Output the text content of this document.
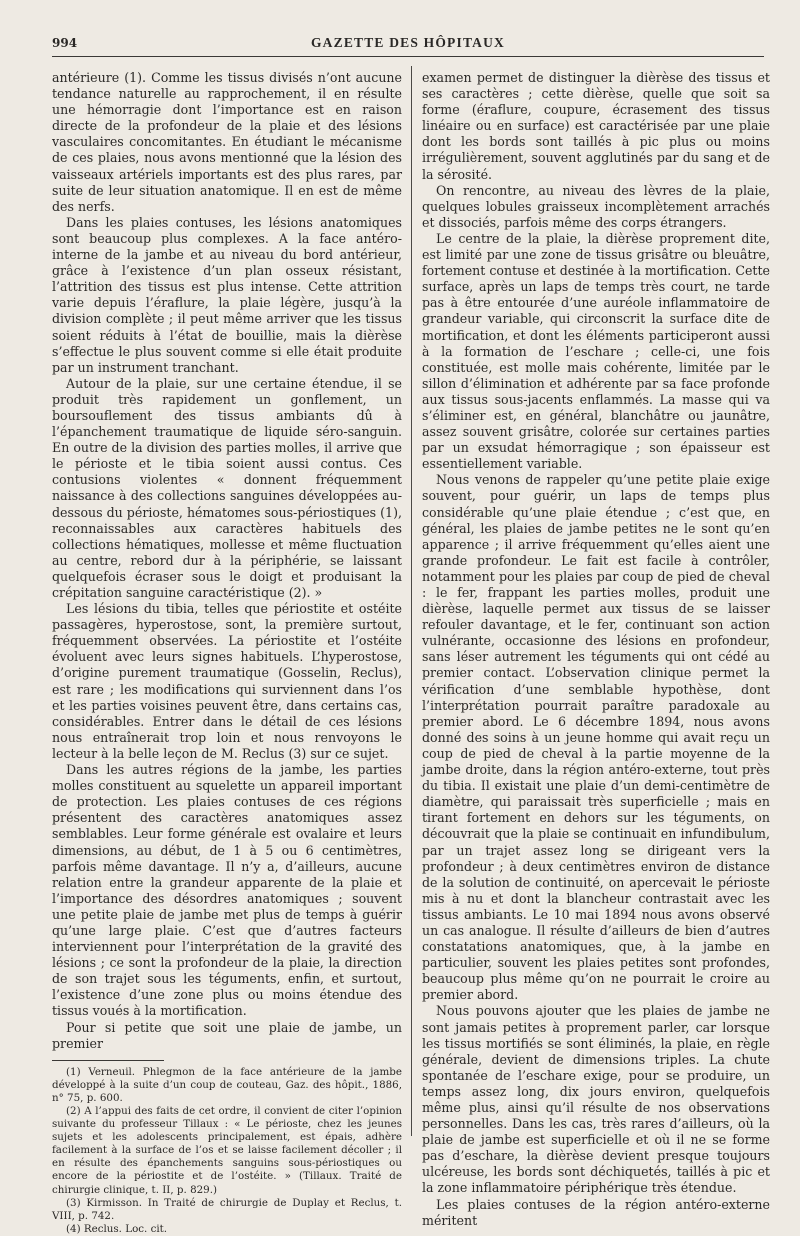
994	GAZETTE DES HÔPITAUX

antérieure (1). Comme les tissus divisés n’ont aucune tendance naturelle au rapprochement, il en résulte une hémorragie dont l’importance est en raison directe de la profondeur de la plaie et des lésions vasculaires concomitantes. En étudiant le mécanisme de ces plaies, nous avons mentionné que la lésion des vaisseaux artériels importants est des plus rares, par suite de leur situation anatomique. Il en est de même des nerfs.

Dans les plaies contuses, les lésions anatomiques sont beaucoup plus complexes. A la face antéro-interne de la jambe et au niveau du bord antérieur, grâce à l’existence d’un plan osseux résistant, l’attrition des tissus est plus intense. Cette attrition varie depuis l’éraflure, la plaie légère, jusqu’à la division complète ; il peut même arriver que les tissus soient réduits à l’état de bouillie, mais la dièrèse s’effectue le plus souvent comme si elle était produite par un instrument tranchant.

Autour de la plaie, sur une certaine étendue, il se produit très rapidement un gonflement, un boursouflement des tissus ambiants dû à l’épanchement traumatique de liquide séro-sanguin. En outre de la division des parties molles, il arrive que le périoste et le tibia soient aussi contus. Ces contusions violentes « donnent fréquemment naissance à des collections sanguines développées au-dessous du périoste, hématomes sous-périostiques (1), reconnaissables aux caractères habituels des collections hématiques, mollesse et même fluctuation au centre, rebord dur à la périphérie, se laissant quelquefois écraser sous le doigt et produisant la crépitation sanguine caractéristique (2). »

Les lésions du tibia, telles que périostite et ostéite passagères, hyperostose, sont, la première surtout, fréquemment observées. La périostite et l’ostéite évoluent avec leurs signes habituels. L’hyperostose, d’origine purement traumatique (Gosselin, Reclus), est rare ; les modifications qui surviennent dans l’os et les parties voisines peuvent être, dans certains cas, considérables. Entrer dans le détail de ces lésions nous entraînerait trop loin et nous renvoyons le lecteur à la belle leçon de M. Reclus (3) sur ce sujet.

Dans les autres régions de la jambe, les parties molles constituent au squelette un appareil important de protection. Les plaies contuses de ces régions présentent des caractères anatomiques assez semblables. Leur forme générale est ovalaire et leurs dimensions, au début, de 1 à 5 ou 6 centimètres, parfois même davantage. Il n’y a, d’ailleurs, aucune relation entre la grandeur apparente de la plaie et l’importance des désordres anatomiques ; souvent une petite plaie de jambe met plus de temps à guérir qu’une large plaie. C’est que d’autres facteurs interviennent pour l’interprétation de la gravité des lésions ; ce sont la profondeur de la plaie, la direction de son trajet sous les téguments, enfin, et surtout, l’existence d’une zone plus ou moins étendue des tissus voués à la mortification.

Pour si petite que soit une plaie de jambe, un premier

(1) Verneuil. Phlegmon de la face antérieure de la jambe développé à la suite d’un coup de couteau, Gaz. des hôpit., 1886, n° 75, p. 600.

(2) A l’appui des faits de cet ordre, il convient de citer l’opinion suivante du professeur Tillaux : « Le périoste, chez les jeunes sujets et les adolescents principalement, est épais, adhère facilement à la surface de l’os et se laisse facilement décoller ; il en résulte des épanchements sanguins sous-périostiques ou encore de la périostite et de l’ostéite. » (Tillaux. Traité de chirurgie clinique, t. II, p. 829.)

(3) Kirmisson. In Traité de chirurgie de Duplay et Reclus, t. VIII, p. 742.

(4) Reclus. Loc. cit.

examen permet de distinguer la dièrèse des tissus et ses caractères ; cette dièrèse, quelle que soit sa forme (éraflure, coupure, écrasement des tissus linéaire ou en surface) est caractérisée par une plaie dont les bords sont taillés à pic plus ou moins irrégulièrement, souvent agglutinés par du sang et de la sérosité.

On rencontre, au niveau des lèvres de la plaie, quelques lobules graisseux incomplètement arrachés et dissociés, parfois même des corps étrangers.

Le centre de la plaie, la dièrèse proprement dite, est limité par une zone de tissus grisâtre ou bleuâtre, fortement contuse et destinée à la mortification. Cette surface, après un laps de temps très court, ne tarde pas à être entourée d’une auréole inflammatoire de grandeur variable, qui circonscrit la surface dite de mortification, et dont les éléments participeront aussi à la formation de l’eschare ; celle-ci, une fois constituée, est molle mais cohérente, limitée par le sillon d’élimination et adhérente par sa face profonde aux tissus sous-jacents enflammés. La masse qui va s’éliminer est, en général, blanchâtre ou jaunâtre, assez souvent grisâtre, colorée sur certaines parties par un exsudat hémorragique ; son épaisseur est essentiellement variable.

Nous venons de rappeler qu’une petite plaie exige souvent, pour guérir, un laps de temps plus considérable qu’une plaie étendue ; c’est que, en général, les plaies de jambe petites ne le sont qu’en apparence ; il arrive fréquemment qu’elles aient une grande profondeur. Le fait est facile à contrôler, notamment pour les plaies par coup de pied de cheval : le fer, frappant les parties molles, produit une dièrèse, laquelle permet aux tissus de se laisser refouler davantage, et le fer, continuant son action vulnérante, occasionne des lésions en profondeur, sans léser autrement les téguments qui ont cédé au premier contact. L’observation clinique permet la vérification d’une semblable hypothèse, dont l’interprétation pourrait paraître paradoxale au premier abord. Le 6 décembre 1894, nous avons donné des soins à un jeune homme qui avait reçu un coup de pied de cheval à la partie moyenne de la jambe droite, dans la région antéro-externe, tout près du tibia. Il existait une plaie d’un demi-centimètre de diamètre, qui paraissait très superficielle ; mais en tirant fortement en dehors sur les téguments, on découvrait que la plaie se continuait en infundibulum, par un trajet assez long se dirigeant vers la profondeur ; à deux centimètres environ de distance de la solution de continuité, on apercevait le périoste mis à nu et dont la blancheur contrastait avec les tissus ambiants. Le 10 mai 1894 nous avons observé un cas analogue. Il résulte d’ailleurs de bien d’autres constatations anatomiques, que, à la jambe en particulier, souvent les plaies petites sont profondes, beaucoup plus même qu’on ne pourrait le croire au premier abord.

Nous pouvons ajouter que les plaies de jambe ne sont jamais petites à proprement parler, car lorsque les tissus mortifiés se sont éliminés, la plaie, en règle générale, devient de dimensions triples. La chute spontanée de l’eschare exige, pour se produire, un temps assez long, dix jours environ, quelquefois même plus, ainsi qu’il résulte de nos observations personnelles. Dans les cas, très rares d’ailleurs, où la plaie de jambe est superficielle et où il ne se forme pas d’eschare, la dièrèse devient presque toujours ulcéreuse, les bords sont déchiquetés, taillés à pic et la zone inflammatoire périphérique très étendue.

Les plaies contuses de la région antéro-externe méritent
